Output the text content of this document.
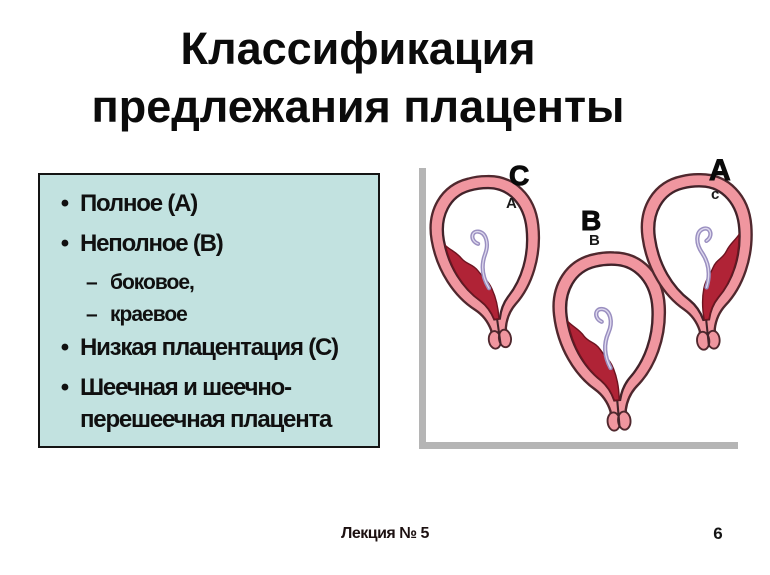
Классификация
предлежания плаценты
• Полное (А)
• Неполное (В)
– боковое,
– краевое
• Низкая плацентация (С)
• Шеечная и шеечно-перешеечная плацента
C
A
B
B
A
c
Лекция № 5	6
